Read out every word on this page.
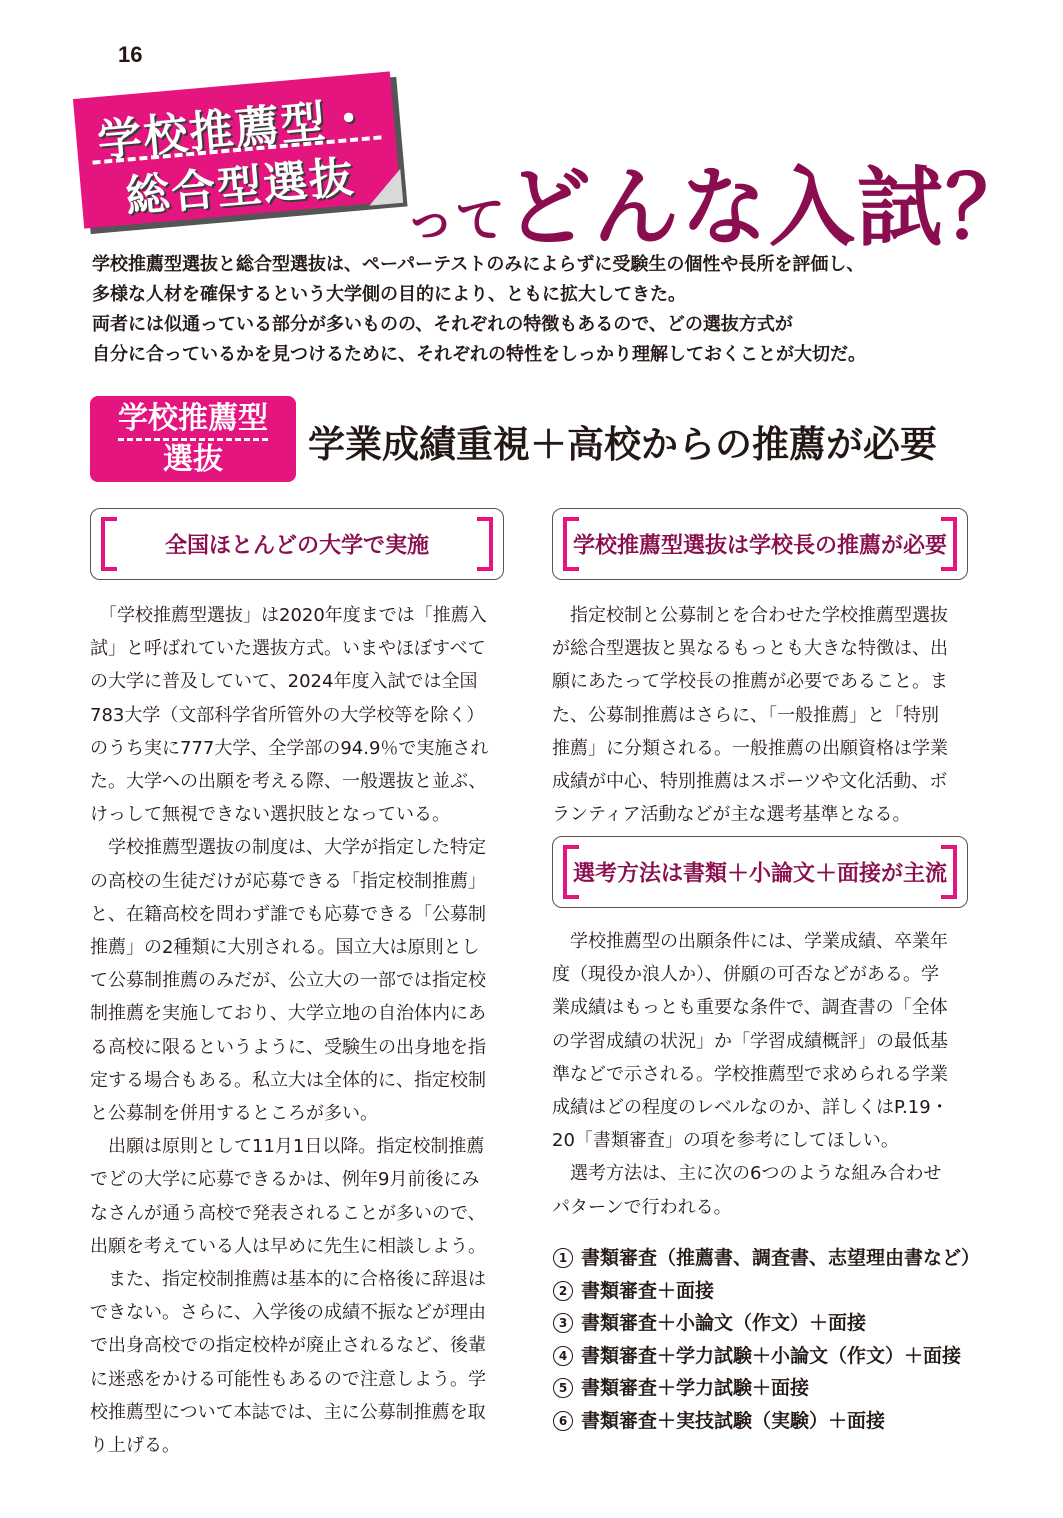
16
学校推薦型・
総合型選抜 ってどんな入試？

学校推薦型選抜と総合型選抜は、ペーパーテストのみによらずに受験生の個性や長所を評価し、

多様な人材を確保するという大学側の目的により、ともに拡大してきた。

両者には似通っている部分が多いものの、それぞれの特徴もあるので、どの選抜方式が

自分に合っているかを見つけるために、それぞれの特性をしっかり理解しておくことが大切だ。

学校推薦型
選抜	学業成績重視＋高校からの推薦が必要
全国ほとんどの大学で実施
「学校推薦型選抜」は2020年度までは「推薦入
試」と呼ばれていた選抜方式。いまやほぼすべて
の大学に普及していて、2024年度入試では全国
783大学（文部科学省所管外の大学校等を除く）
のうち実に777大学、全学部の94.9％で実施され
た。大学への出願を考える際、一般選抜と並ぶ、
けっして無視できない選択肢となっている。
学校推薦型選抜の制度は、大学が指定した特定
の高校の生徒だけが応募できる「指定校制推薦」
と、在籍高校を問わず誰でも応募できる「公募制
推薦」の2種類に大別される。国立大は原則とし
て公募制推薦のみだが、公立大の一部では指定校
制推薦を実施しており、大学立地の自治体内にあ
る高校に限るというように、受験生の出身地を指
定する場合もある。私立大は全体的に、指定校制
と公募制を併用するところが多い。
出願は原則として11月1日以降。指定校制推薦
でどの大学に応募できるかは、例年9月前後にみ
なさんが通う高校で発表されることが多いので、
出願を考えている人は早めに先生に相談しよう。
また、指定校制推薦は基本的に合格後に辞退は
できない。さらに、入学後の成績不振などが理由
で出身高校での指定校枠が廃止されるなど、後輩
に迷惑をかける可能性もあるので注意しよう。学
校推薦型について本誌では、主に公募制推薦を取
り上げる。
学校推薦型選抜は学校長の推薦が必要
指定校制と公募制とを合わせた学校推薦型選抜
が総合型選抜と異なるもっとも大きな特徴は、出
願にあたって学校長の推薦が必要であること。ま
た、公募制推薦はさらに、「一般推薦」と「特別
推薦」に分類される。一般推薦の出願資格は学業
成績が中心、特別推薦はスポーツや文化活動、ボ
ランティア活動などが主な選考基準となる。
選考方法は書類＋小論文＋面接が主流
学校推薦型の出願条件には、学業成績、卒業年
度（現役か浪人か）、併願の可否などがある。学
業成績はもっとも重要な条件で、調査書の「全体
の学習成績の状況」か「学習成績概評」の最低基
準などで示される。学校推薦型で求められる学業
成績はどの程度のレベルなのか、詳しくはP.19・
20「書類審査」の項を参考にしてほしい。
選考方法は、主に次の6つのような組み合わせ
パターンで行われる。
1 書類審査（推薦書、調査書、志望理由書など）
2 書類審査＋面接
3 書類審査＋小論文（作文）＋面接
4 書類審査＋学力試験＋小論文（作文）＋面接
5 書類審査＋学力試験＋面接
6 書類審査＋実技試験（実験）＋面接
